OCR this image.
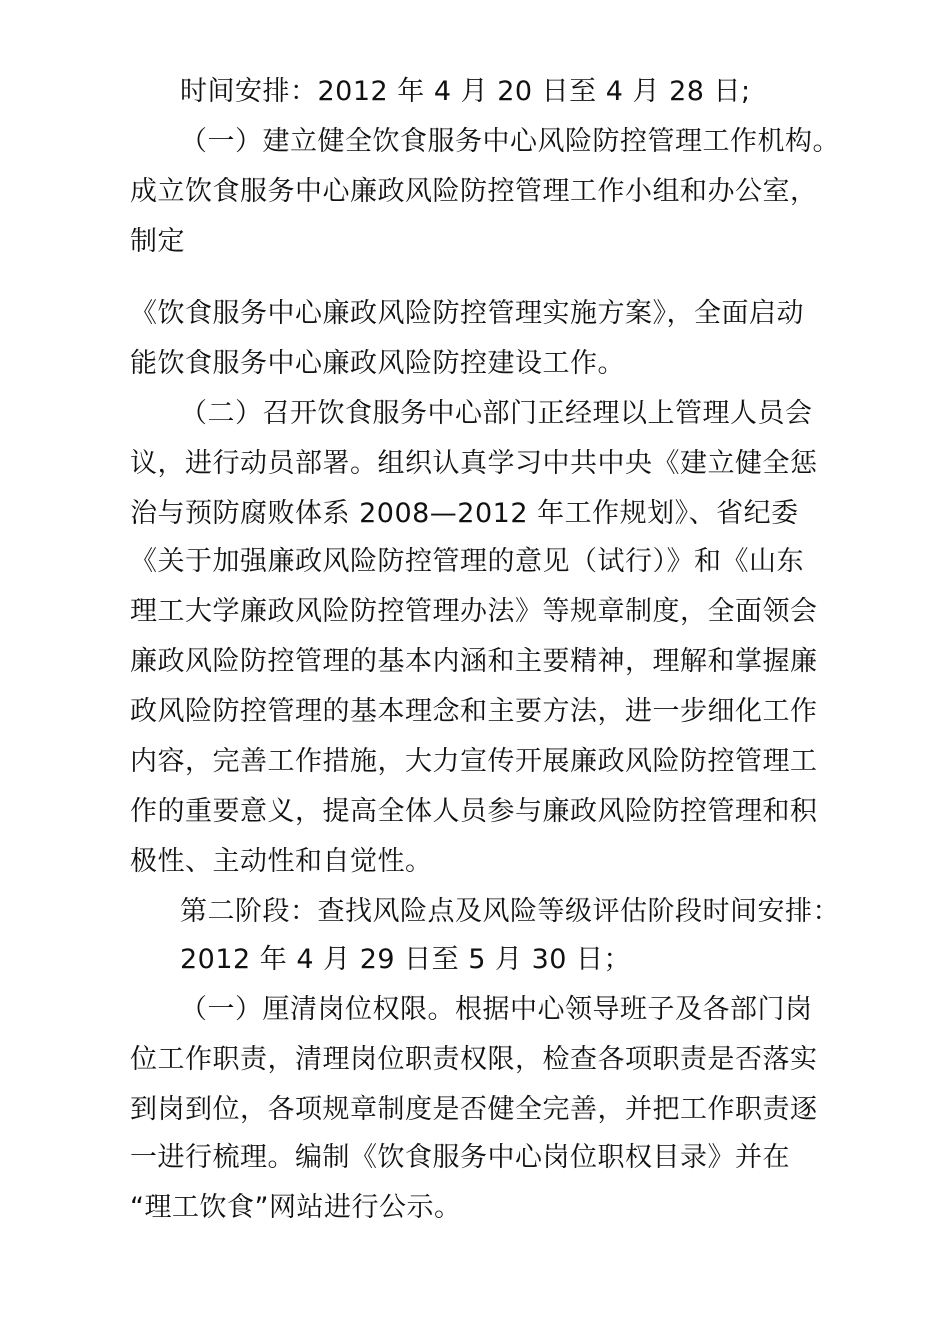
时间安排：2012 年 4 月 20 日至 4 月 28 日;
（一）建立健全饮食服务中心风险防控管理工作机构。
成立饮食服务中心廉政风险防控管理工作小组和办公室，
制定
《饮食服务中心廉政风险防控管理实施方案》，全面启动
能饮食服务中心廉政风险防控建设工作。
（二）召开饮食服务中心部门正经理以上管理人员会
议，进行动员部署。组织认真学习中共中央《建立健全惩
治与预防腐败体系 2008—2012 年工作规划》、省纪委
《关于加强廉政风险防控管理的意见（试行）》和《山东
理工大学廉政风险防控管理办法》等规章制度，全面领会
廉政风险防控管理的基本内涵和主要精神，理解和掌握廉
政风险防控管理的基本理念和主要方法，进一步细化工作
内容，完善工作措施，大力宣传开展廉政风险防控管理工
作的重要意义，提高全体人员参与廉政风险防控管理和积
极性、主动性和自觉性。
第二阶段：查找风险点及风险等级评估阶段时间安排：
2012 年 4 月 29 日至 5 月 30 日；
（一）厘清岗位权限。根据中心领导班子及各部门岗
位工作职责，清理岗位职责权限，检查各项职责是否落实
到岗到位，各项规章制度是否健全完善，并把工作职责逐
一进行梳理。编制《饮食服务中心岗位职权目录》并在
“理工饮食”网站进行公示。
